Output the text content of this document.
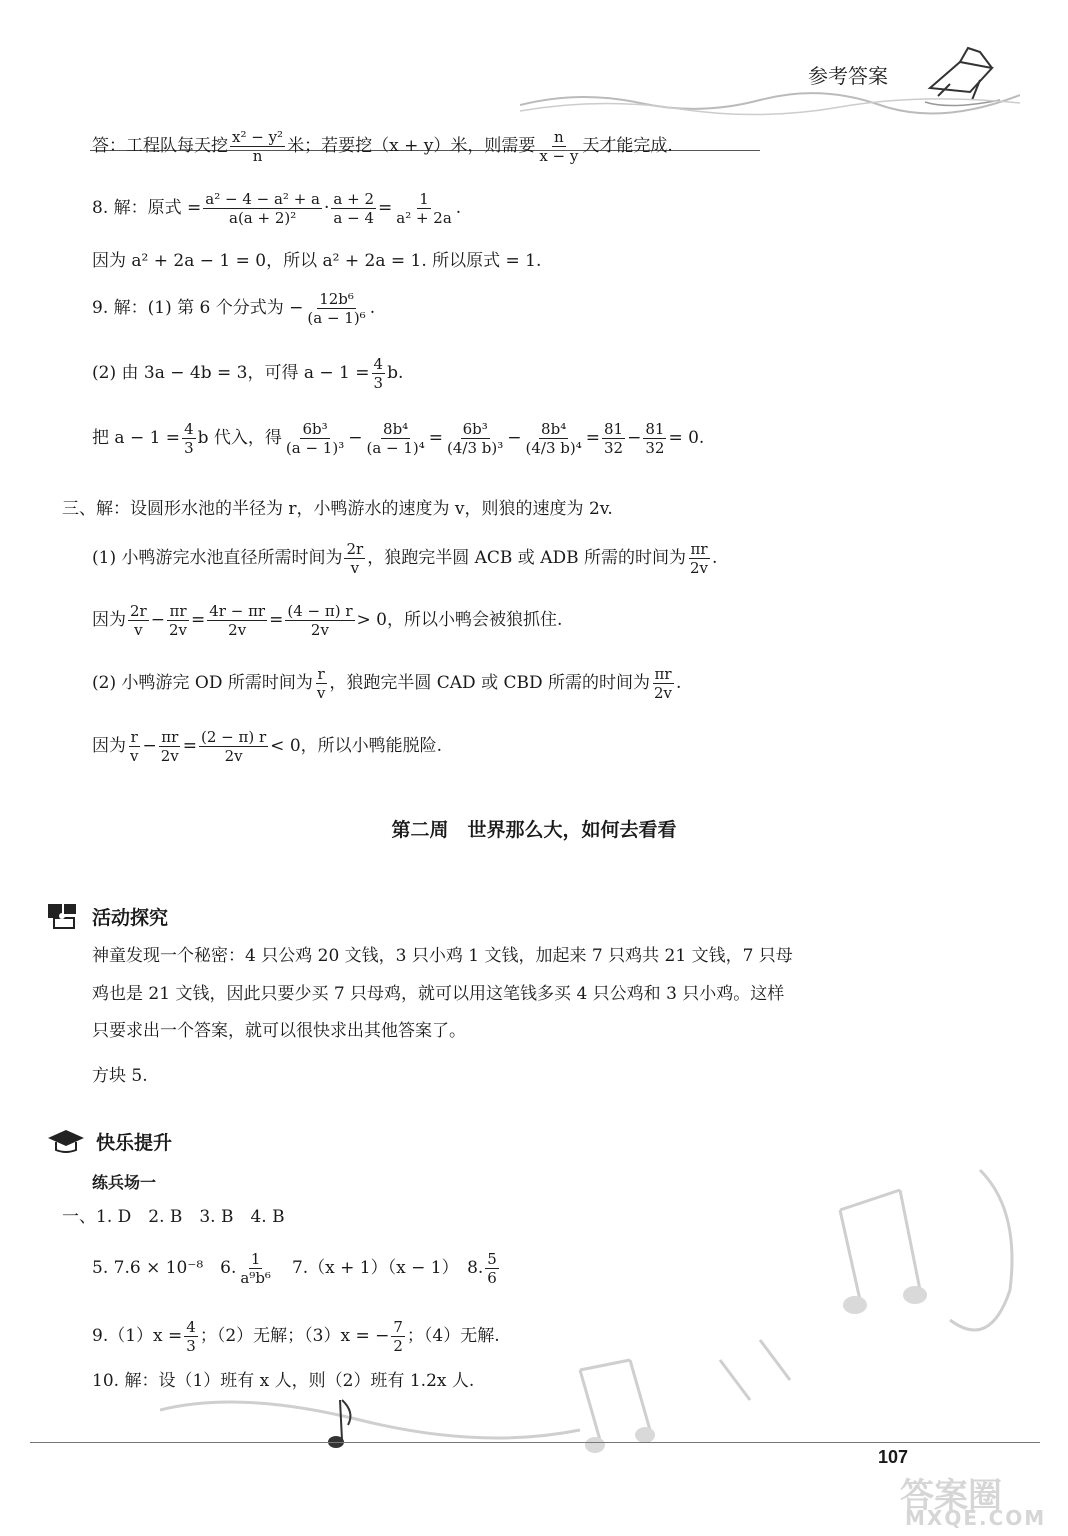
参考答案
答：工程队每天挖 $\frac{\text{x² − y²}}{n}$ 米；若要挖（x + y）米，则需要 $\frac{n}{x - y}$ 天才能完成.
8. 解：原式 = $\frac{\text{a² − 4 − a² + a}}{\text{a(a + 2)²}} \cdot \frac{a + 2}{a - 4} = \frac{1}{\text{a² + 2a}}$ .
因为 a² + 2a − 1 = 0，所以 a² + 2a = 1. 所以原式 = 1.
9. 解：(1) 第 6 个分式为 − $\frac{\text{12b⁶}}{\text{(a − 1)⁶}}$ .
(2) 由 3a − 4b = 3，可得 $a - 1 = \frac{4}{3} b$.
把 $a - 1 = \frac{4}{3}$ b 代入，得 $\frac{\text{6b³}}{\text{(a − 1)³}} - \frac{\text{8b⁴}}{\text{(a − 1)⁴}} = \frac{\text{6b³}}{\text{(4/3 b)³}} - \frac{\text{8b⁴}}{\text{(4/3 b)⁴}} = \frac{81}{32} - \frac{81}{32} = 0$.
三、解：设圆形水池的半径为 r，小鸭游水的速度为 v，则狼的速度为 2v.
(1) 小鸭游完水池直径所需时间为 $\frac{2r}{v}$ ，狼跑完半圆 ACB 或 ADB 所需的时间为 $\frac{\pi r}{2v}$ .
因为 $\frac{2r}{v} - \frac{\pi r}{2v} = \frac{4r - \pi r}{2v} = \frac{(4 - \pi) r}{2v} > 0$，所以小鸭会被狼抓住.
(2) 小鸭游完 OD 所需时间为 $\frac{r}{v}$ ，狼跑完半圆 CAD 或 CBD 所需的时间为 $\frac{\pi r}{2v}$ .
因为 $\frac{r}{v} - \frac{\pi r}{2v} = \frac{(2 - \pi) r}{2v} < 0$，所以小鸭能脱险.
第二周　世界那么大，如何去看看
活动探究
神童发现一个秘密：4 只公鸡 20 文钱，3 只小鸡 1 文钱，加起来 7 只鸡共 21 文钱，7 只母
鸡也是 21 文钱，因此只要少买 7 只母鸡，就可以用这笔钱多买 4 只公鸡和 3 只小鸡。这样
只要求出一个答案，就可以很快求出其他答案了。
方块 5.
快乐提升
练兵场一
一、1. D　2. B　3. B　4. B
5. 7.6 × 10⁻⁸　6. $\frac{1}{\text{a⁹b⁶}}$
　 7.（x + 1）（x − 1）　8. $\frac{5}{6}$
$9.(1)x = \frac{4}{3}$ ；（2）无解；（3）x = − $\frac{7}{2}$ ；（4）无解.
10. 解：设（1）班有 x 人，则（2）班有 1.2x 人.
107
答案圈
MXQE.COM
